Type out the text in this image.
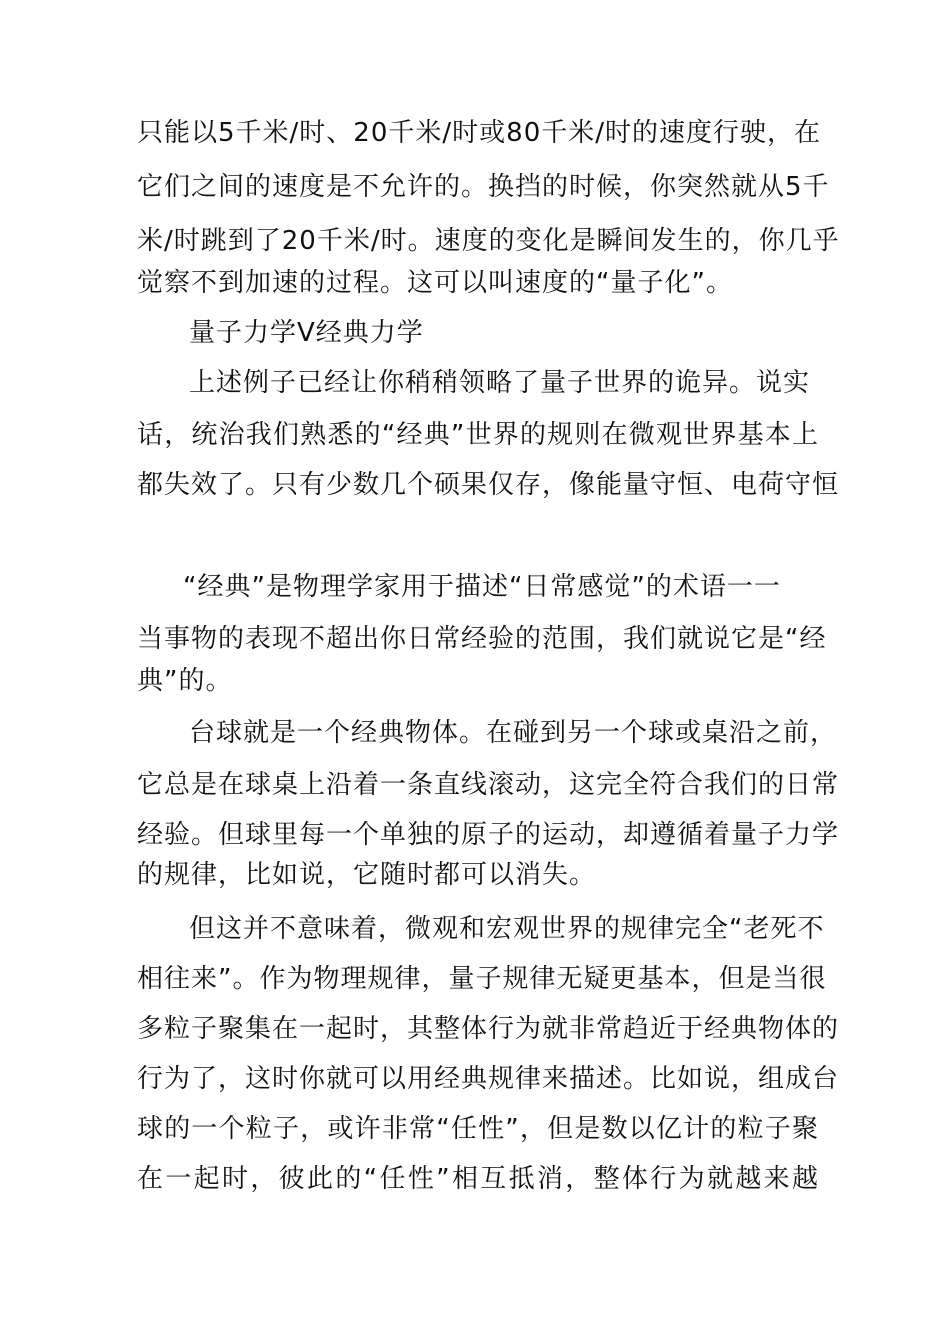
只能以5千米/时、20千米/时或80千米/时的速度行驶，在
它们之间的速度是不允许的。换挡的时候，你突然就从5千
米/时跳到了20千米/时。速度的变化是瞬间发生的，你几乎
觉察不到加速的过程。这可以叫速度的“量子化”。
量子力学V经典力学
上述例子已经让你稍稍领略了量子世界的诡异。说实
话，统治我们熟悉的“经典”世界的规则在微观世界基本上
都失效了。只有少数几个硕果仅存，像能量守恒、电荷守恒
“经典”是物理学家用于描述“日常感觉”的术语一一
当事物的表现不超出你日常经验的范围，我们就说它是“经
典”的。
台球就是一个经典物体。在碰到另一个球或桌沿之前，
它总是在球桌上沿着一条直线滚动，这完全符合我们的日常
经验。但球里每一个单独的原子的运动，却遵循着量子力学
的规律，比如说，它随时都可以消失。
但这并不意味着，微观和宏观世界的规律完全“老死不
相往来”。作为物理规律，量子规律无疑更基本，但是当很
多粒子聚集在一起时，其整体行为就非常趋近于经典物体的
行为了，这时你就可以用经典规律来描述。比如说，组成台
球的一个粒子，或许非常“任性”，但是数以亿计的粒子聚
在一起时，彼此的“任性”相互抵消，整体行为就越来越
